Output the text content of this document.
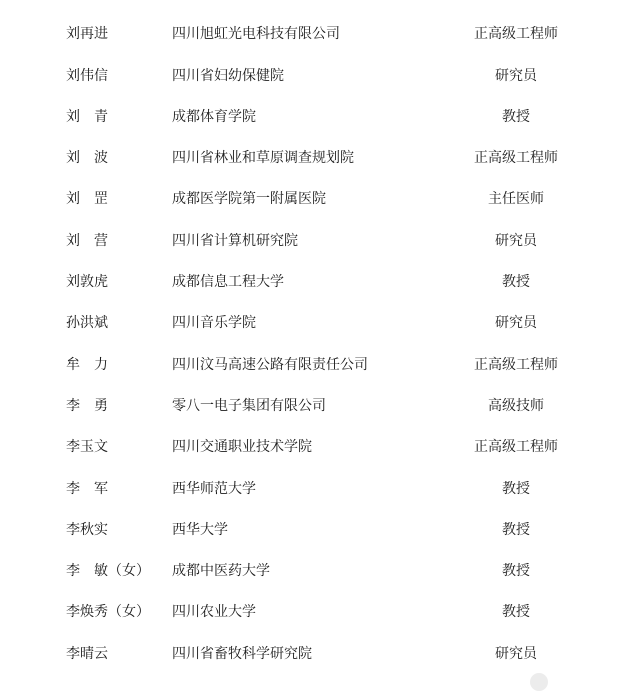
刘再进	四川旭虹光电科技有限公司	正高级工程师
刘伟信	四川省妇幼保健院	研究员
刘　青	成都体育学院	教授
刘　波	四川省林业和草原调查规划院	正高级工程师
刘　罡	成都医学院第一附属医院	主任医师
刘　营	四川省计算机研究院	研究员
刘敦虎	成都信息工程大学	教授
孙洪斌	四川音乐学院	研究员
牟　力	四川汶马高速公路有限责任公司	正高级工程师
李　勇	零八一电子集团有限公司	高级技师
李玉文	四川交通职业技术学院	正高级工程师
李　军	西华师范大学	教授
李秋实	西华大学	教授
李　敏（女）	成都中医药大学	教授
李焕秀（女）	四川农业大学	教授
李晴云	四川省畜牧科学研究院	研究员
